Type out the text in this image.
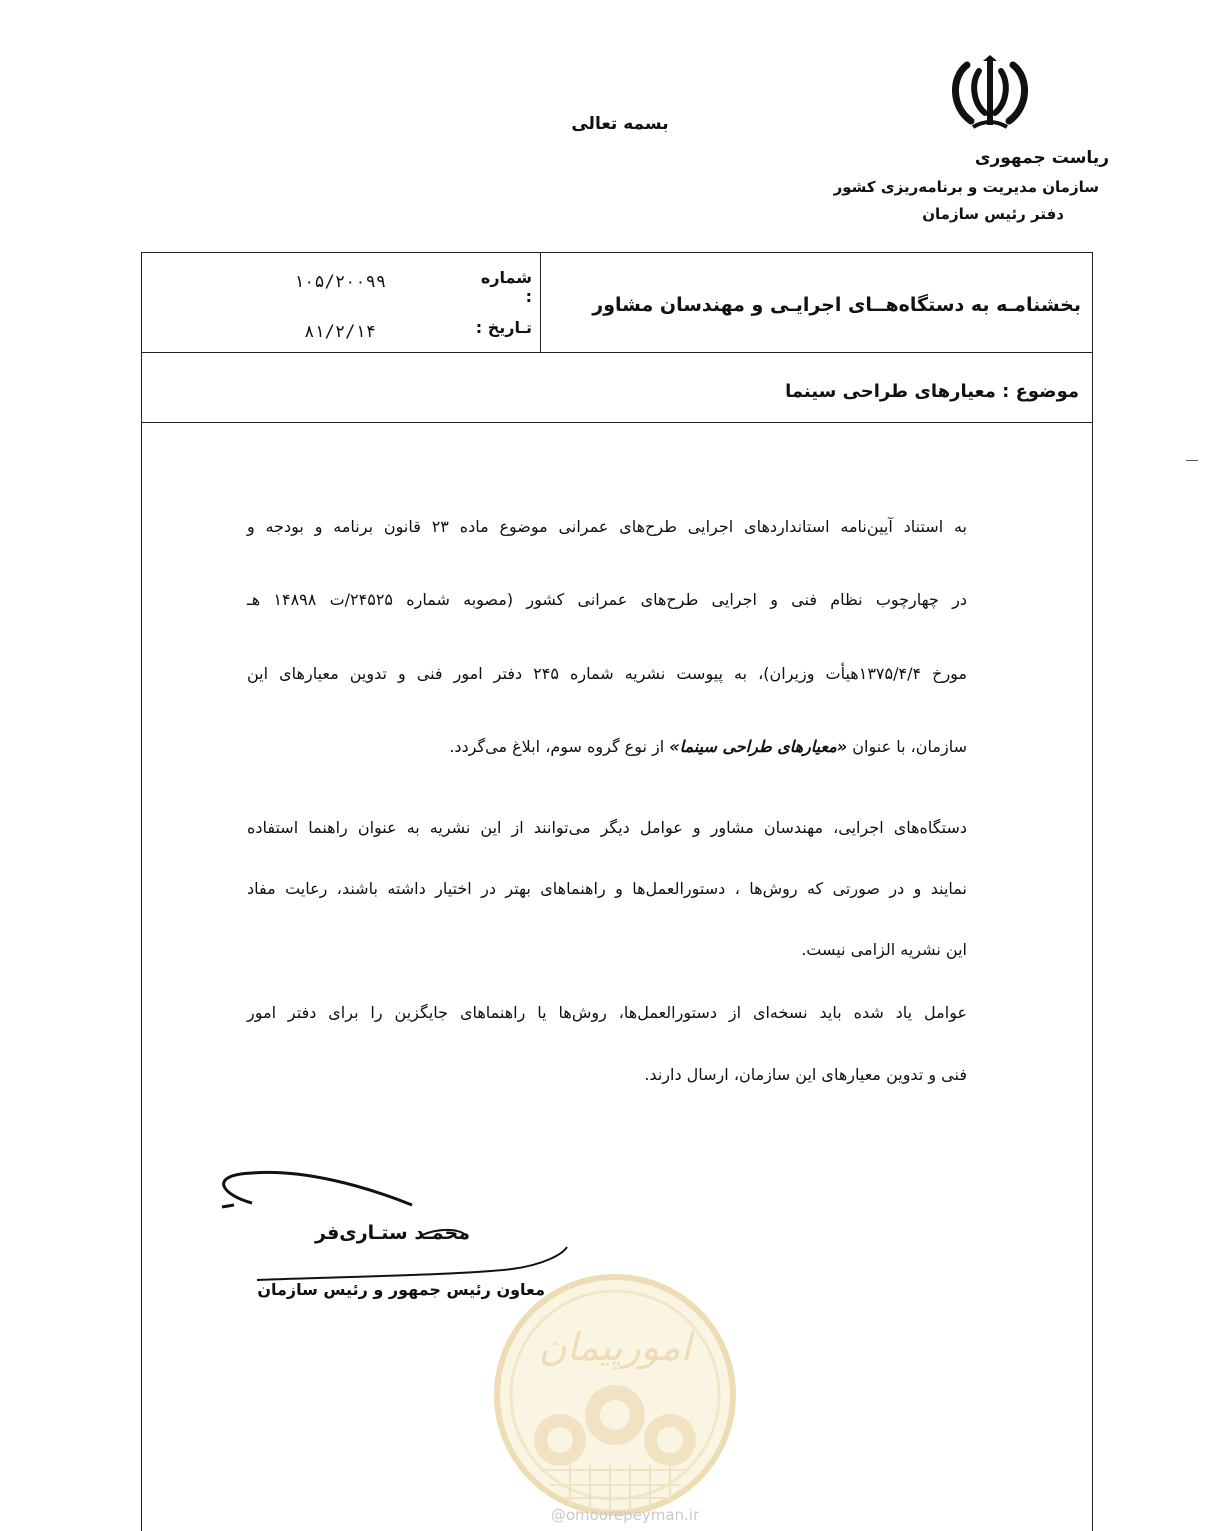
بسمه تعالی
ریاست جمهوری
سازمان مدیریت و برنامه‌ریزی کشور
دفتر رئیس سازمان
بخشنامـه به دستگاه‌هــای اجرایـی و مهندسان مشاور
شماره :
۱۰۵/۲۰۰۹۹
تـاریخ :
۸۱/۲/۱۴
موضوع : معیارهای طراحی سینما
به استناد آیین‌نامه استانداردهای اجرایی طرح‌های عمرانی موضوع ماده ۲۳ قانون برنامه و بودجه و
در چهارچوب نظام فنی و اجرایی طرح‌های عمرانی کشور (مصوبه شماره ۲۴۵۲۵/ت ۱۴۸۹۸ هـ
مورخ ۱۳۷۵/۴/۴هیأت وزیران)، به پیوست نشریه شماره ۲۴۵ دفتر امور فنی و تدوین معیارهای این
سازمان، با عنوان «معیارهای طراحی سینما» از نوع گروه سوم، ابلاغ می‌گردد.
دستگاه‌های اجرایی، مهندسان مشاور و عوامل دیگر می‌توانند از این نشریه به عنوان راهنما استفاده
نمایند و در صورتی که روش‌ها ، دستورالعمل‌ها و راهنماهای بهتر در اختیار داشته باشند، رعایت مفاد
این نشریه الزامی نیست.
عوامل یاد شده باید نسخه‌ای از دستورالعمل‌ها، روش‌ها یا راهنماهای جایگزین را برای دفتر امور
فنی و تدوین معیارهای این سازمان، ارسال دارند.
محمـد ستـاری‌فر
معاون رئیس جمهور و رئیس سازمان
امورپیمان
@omoorepeyman.ir
